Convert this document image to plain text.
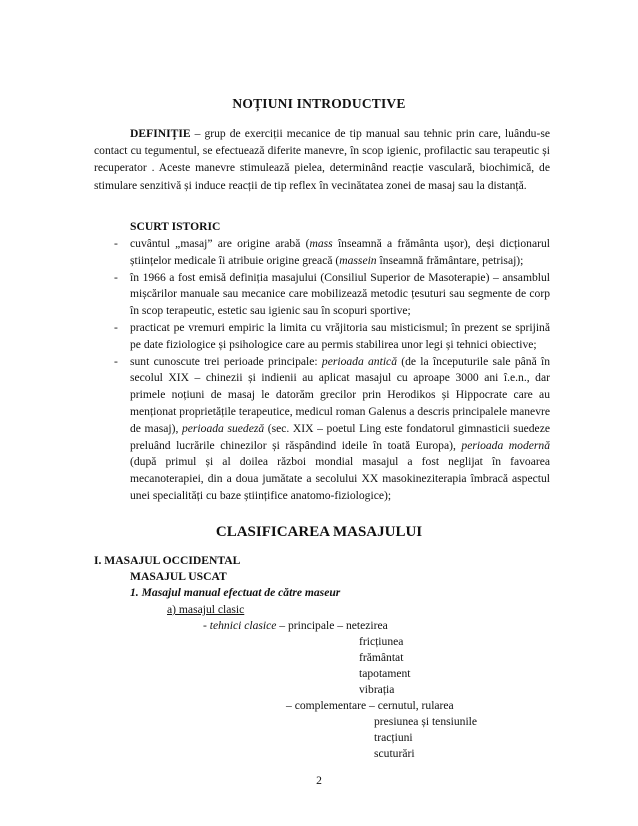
NOȚIUNI INTRODUCTIVE
DEFINIȚIE – grup de exerciții mecanice de tip manual sau tehnic prin care, luându-se contact cu tegumentul, se efectuează diferite manevre, în scop igienic, profilactic sau terapeutic și recuperator . Aceste manevre stimulează pielea, determinând reacție vasculară, biochimică, de stimulare senzitivă și induce reacții de tip reflex în vecinătatea zonei de masaj sau la distanță.
SCURT ISTORIC
- cuvântul „masaj” are origine arabă (mass înseamnă a frământa ușor), deși dicționarul științelor medicale îi atribuie origine greacă (massein înseamnă frământare, petrisaj);
- în 1966 a fost emisă definiția masajului (Consiliul Superior de Masoterapie) – ansamblul mișcărilor manuale sau mecanice care mobilizează metodic țesuturi sau segmente de corp în scop terapeutic, estetic sau igienic sau în scopuri sportive;
- practicat pe vremuri empiric la limita cu vrăjitoria sau misticismul; în prezent se sprijină pe date fiziologice și psihologice care au permis stabilirea unor legi și tehnici obiective;
- sunt cunoscute trei perioade principale: perioada antică (de la începuturile sale până în secolul XIX – chinezii și indienii au aplicat masajul cu aproape 3000 ani î.e.n., dar primele noțiuni de masaj le datorăm grecilor prin Herodikos și Hippocrate care au menționat proprietățile terapeutice, medicul roman Galenus a descris principalele manevre de masaj), perioada suedeză (sec. XIX – poetul Ling este fondatorul gimnasticii suedeze preluând lucrările chinezilor și răspândind ideile în toată Europa), perioada modernă (după primul și al doilea război mondial masajul a fost neglijat în favoarea mecanoterapiei, din a doua jumătate a secolului XX masokineziterapia îmbracă aspectul unei specialități cu baze științifice anatomo-fiziologice);
CLASIFICAREA MASAJULUI
I. MASAJUL OCCIDENTAL
MASAJUL USCAT
1. Masajul manual efectuat de către maseur
a) masajul clasic
- tehnici clasice – principale – netezirea
fricțiunea
frământat
tapotament
vibrația
– complementare – cernutul, rularea
presiunea și tensiunile
tracțiuni
scuturări
2
